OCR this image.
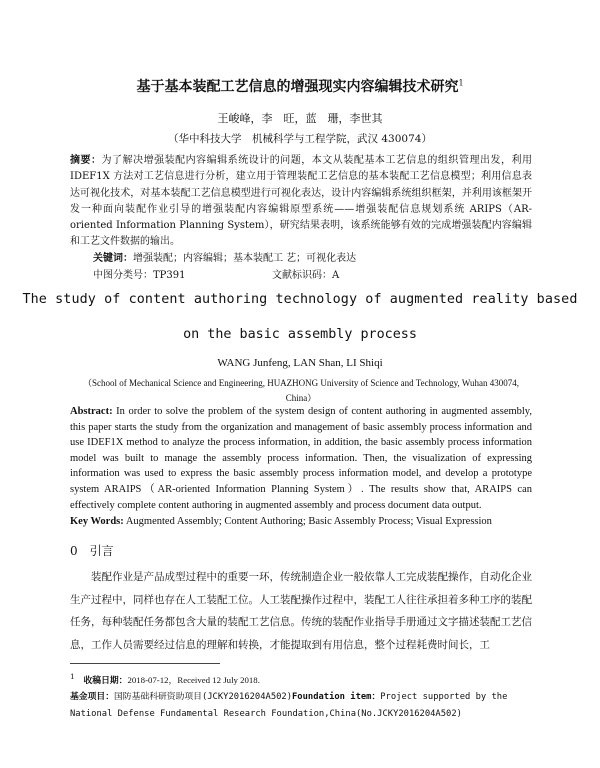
基于基本装配工艺信息的增强现实内容编辑技术研究$^1$
王峻峰，李　旺，蓝　珊，李世其
（华中科技大学　机械科学与工程学院，武汉 430074）
摘要：为了解决增强装配内容编辑系统设计的问题，本文从装配基本工艺信息的组织管理出发，利用 IDEF1X 方法对工艺信息进行分析，建立用于管理装配工艺信息的基本装配工艺信息模型；利用信息表达可视化技术，对基本装配工艺信息模型进行可视化表达，设计内容编辑系统组织框架，并利用该框架开发一种面向装配作业引导的增强装配内容编辑原型系统——增强装配信息规划系统 ARIPS（AR-oriented Information Planning System），研究结果表明，该系统能够有效的完成增强装配内容编辑和工艺文件数据的输出。
关键词：增强装配；内容编辑；基本装配工 艺；可视化表达
中图分类号：TP391	文献标识码：A
The study of content authoring technology of augmented reality based
on the basic assembly process
WANG Junfeng, LAN Shan, LI Shiqi
（School of Mechanical Science and Engineering, HUAZHONG University of Science and Technology, Wuhan 430074, China）
Abstract: In order to solve the problem of the system design of content authoring in augmented assembly, this paper starts the study from the organization and management of basic assembly process information and use IDEF1X method to analyze the process information, in addition, the basic assembly process information model was built to manage the assembly process information. Then, the visualization of expressing information was used to express the basic assembly process information model, and develop a prototype system ARAIPS（AR-oriented Information Planning System）. The results show that, ARAIPS can effectively complete content authoring in augmented assembly and process document data output.
Key Words: Augmented Assembly; Content Authoring; Basic Assembly Process; Visual Expression
0　引言
装配作业是产品成型过程中的重要一环，传统制造企业一般依靠人工完成装配操作，自动化企业生产过程中，同样也存在人工装配工位。人工装配操作过程中，装配工人往往承担着多种工序的装配任务，每种装配任务都包含大量的装配工艺信息。传统的装配作业指导手册通过文字描述装配工艺信息，工作人员需要经过信息的理解和转换，才能提取到有用信息，整个过程耗费时间长，工
$^1$　 收稿日期：2018-07-12，Received 12 July 2018.
基金项目：国防基础科研资助项目(JCKY2016204A502)Foundation item：Project supported by the National Defense Fundamental Research Foundation,China(No.JCKY2016204A502)
